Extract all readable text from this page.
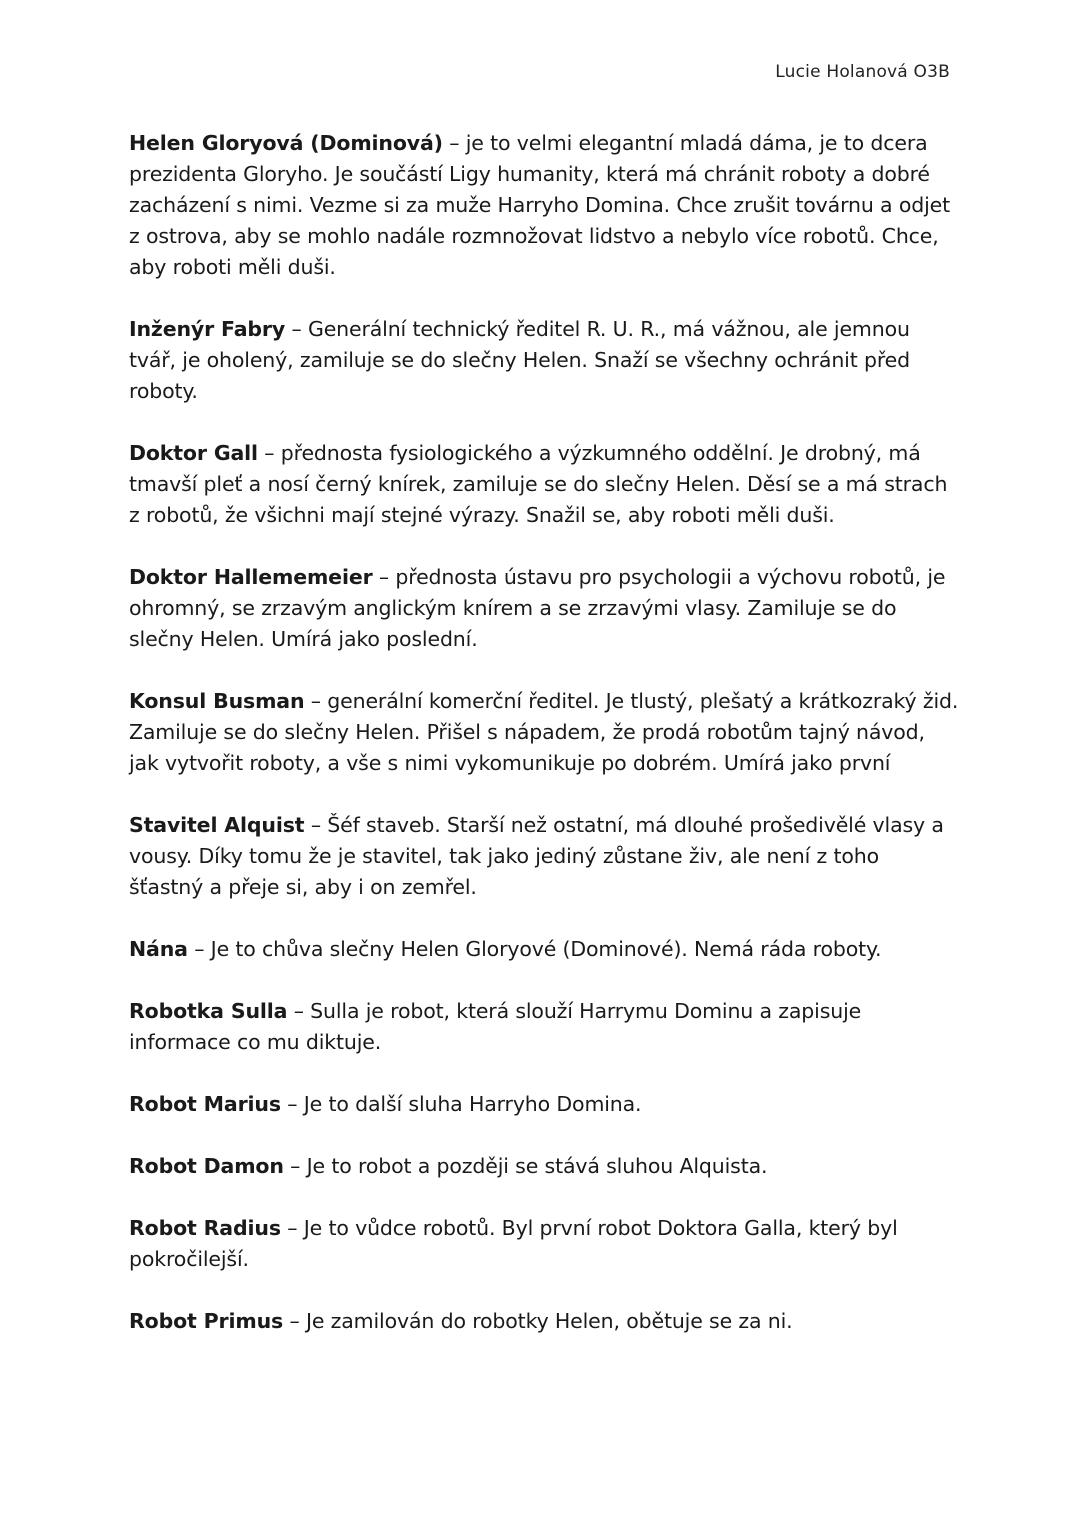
Lucie Holanová O3B

Helen Gloryová (Dominová) – je to velmi elegantní mladá dáma, je to dcera prezidenta Gloryho. Je součástí Ligy humanity, která má chránit roboty a dobré zacházení s nimi. Vezme si za muže Harryho Domina. Chce zrušit továrnu a odjet z ostrova, aby se mohlo nadále rozmnožovat lidstvo a nebylo více robotů. Chce, aby roboti měli duši.

Inženýr Fabry – Generální technický ředitel R. U. R., má vážnou, ale jemnou tvář, je oholený, zamiluje se do slečny Helen. Snaží se všechny ochránit před roboty.

Doktor Gall – přednosta fysiologického a výzkumného oddělní. Je drobný, má tmavší pleť a nosí černý knírek, zamiluje se do slečny Helen. Děsí se a má strach z robotů, že všichni mají stejné výrazy. Snažil se, aby roboti měli duši.

Doktor Hallememeier – přednosta ústavu pro psychologii a výchovu robotů, je ohromný, se zrzavým anglickým knírem a se zrzavými vlasy. Zamiluje se do slečny Helen. Umírá jako poslední.

Konsul Busman – generální komerční ředitel. Je tlustý, plešatý a krátkozraký žid. Zamiluje se do slečny Helen. Přišel s nápadem, že prodá robotům tajný návod, jak vytvořit roboty, a vše s nimi vykomunikuje po dobrém. Umírá jako první

Stavitel Alquist – Šéf staveb. Starší než ostatní, má dlouhé prošedivělé vlasy a vousy. Díky tomu že je stavitel, tak jako jediný zůstane živ, ale není z toho šťastný a přeje si, aby i on zemřel.

Nána – Je to chůva slečny Helen Gloryové (Dominové). Nemá ráda roboty.

Robotka Sulla – Sulla je robot, která slouží Harrymu Dominu a zapisuje informace co mu diktuje.

Robot Marius – Je to další sluha Harryho Domina.

Robot Damon – Je to robot a později se stává sluhou Alquista.

Robot Radius – Je to vůdce robotů. Byl první robot Doktora Galla, který byl pokročilejší.

Robot Primus – Je zamilován do robotky Helen, obětuje se za ni.
